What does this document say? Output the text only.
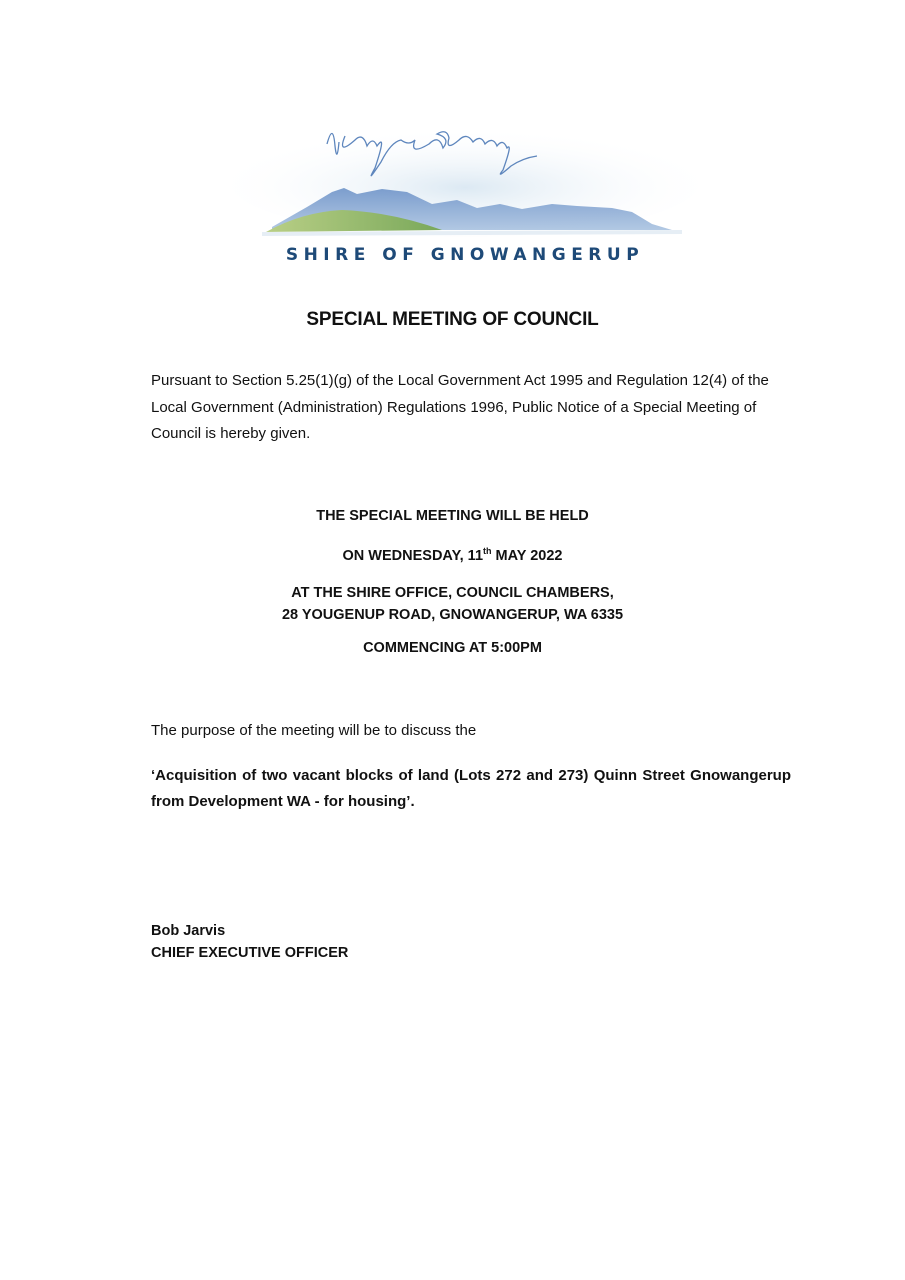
SHIRE OF GNOWANGERUP
SPECIAL MEETING OF COUNCIL
Pursuant to Section 5.25(1)(g) of the Local Government Act 1995 and Regulation 12(4) of the Local Government (Administration) Regulations 1996, Public Notice of a Special Meeting of Council is hereby given.
THE SPECIAL MEETING WILL BE HELD
ON WEDNESDAY, 11th MAY 2022
AT THE SHIRE OFFICE, COUNCIL CHAMBERS,
28 YOUGENUP ROAD, GNOWANGERUP, WA 6335
COMMENCING AT 5:00PM
The purpose of the meeting will be to discuss the
‘Acquisition of two vacant blocks of land (Lots 272 and 273) Quinn Street Gnowangerup from Development WA - for housing’.
Bob Jarvis
CHIEF EXECUTIVE OFFICER
